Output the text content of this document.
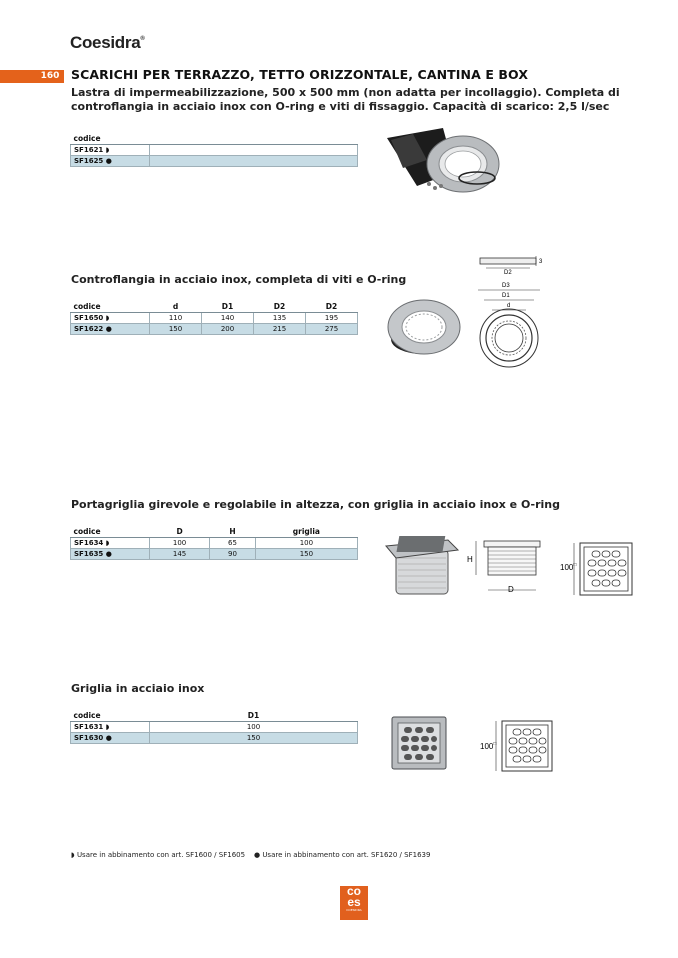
Coesidra®
160 SCARICHI PER TERRAZZO, TETTO ORIZZONTALE, CANTINA E BOX
Lastra di impermeabilizzazione, 500 x 500 mm (non adatta per incollaggio). Completa di controflangia in acciaio inox con O-ring e viti di fissaggio. Capacità di scarico: 2,5 l/sec
codice	
SF1621 ◗	
SF1625 ●	
Controflangia in acciaio inox, completa di viti e O-ring
codice	d	D1	D2	D2
SF1650 ◗	110	140	135	195
SF1622 ●	150	200	215	275
D2
3
D3
D1
d
Portagriglia girevole e regolabile in altezza, con griglia in acciaio inox e O-ring
codice	D	H	griglia
SF1634 ◗	100	65	100
SF1635 ●	145	90	150
H
D
100□
Griglia in acciaio inox
codice	D1
SF1631 ◗	100
SF1630 ●	150
100□
◗ Usare in abbinamento con art. SF1600 / SF1605 ● Usare in abbinamento con art. SF1620 / SF1639
co
es
COESIDRA
